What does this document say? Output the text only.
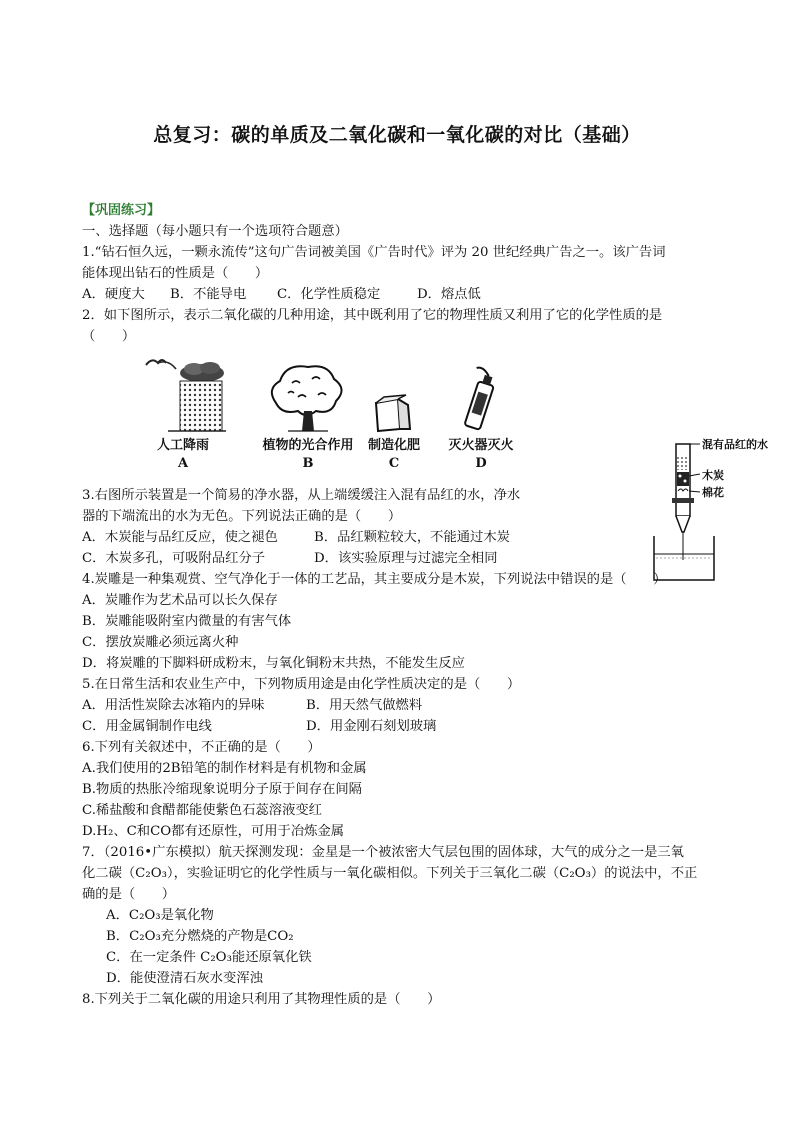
总复习：碳的单质及二氧化碳和一氧化碳的对比（基础）
【巩固练习】
一、选择题（每小题只有一个选项符合题意）
1.“钻石恒久远，一颗永流传”这句广告词被美国《广告时代》评为 20 世纪经典广告之一。该广告词
能体现出钻石的性质是（　　）
A．硬度大	B．不能导电	C．化学性质稳定	D．熔点低
2．如下图所示，表示二氧化碳的几种用途，其中既利用了它的物理性质又利用了它的化学性质的是
（　　）
人工降雨
A
植物的光合作用
B
制造化肥
C
灭火器灭火
D
3.右图所示装置是一个简易的净水器，从上端缓缓注入混有品红的水，净水
器的下端流出的水为无色。下列说法正确的是（　　）
A．木炭能与品红反应，使之褪色	B．品红颗粒较大，不能通过木炭
C．木炭多孔，可吸附品红分子	D．该实验原理与过滤完全相同
4.炭雕是一种集观赏、空气净化于一体的工艺品，其主要成分是木炭，下列说法中错误的是（　　）
A．炭雕作为艺术品可以长久保存
B．炭雕能吸附室内微量的有害气体
C．摆放炭雕必须远离火种
D．将炭雕的下脚料研成粉末，与氧化铜粉末共热，不能发生反应
5.在日常生活和农业生产中，下列物质用途是由化学性质决定的是（　　）
A．用活性炭除去冰箱内的异味	B．用天然气做燃料
C．用金属铜制作电线	D．用金刚石刻划玻璃
6.下列有关叙述中，不正确的是（　　）
A.我们使用的2B铅笔的制作材料是有机物和金属
B.物质的热胀冷缩现象说明分子原于间存在间隔
C.稀盐酸和食醋都能使紫色石蕊溶液变红
D.H₂、C和CO都有还原性，可用于冶炼金属
7．（2016•广东模拟）航天探测发现：金星是一个被浓密大气层包围的固体球，大气的成分之一是三氧
化二碳（C₂O₃），实验证明它的化学性质与一氧化碳相似。下列关于三氧化二碳（C₂O₃）的说法中，不正
确的是（　　）
A．C₂O₃是氧化物
B．C₂O₃充分燃烧的产物是CO₂
C．在一定条件 C₂O₃能还原氧化铁
D．能使澄清石灰水变浑浊
8.下列关于二氧化碳的用途只利用了其物理性质的是（　　）
混有品红的水
木炭
棉花
